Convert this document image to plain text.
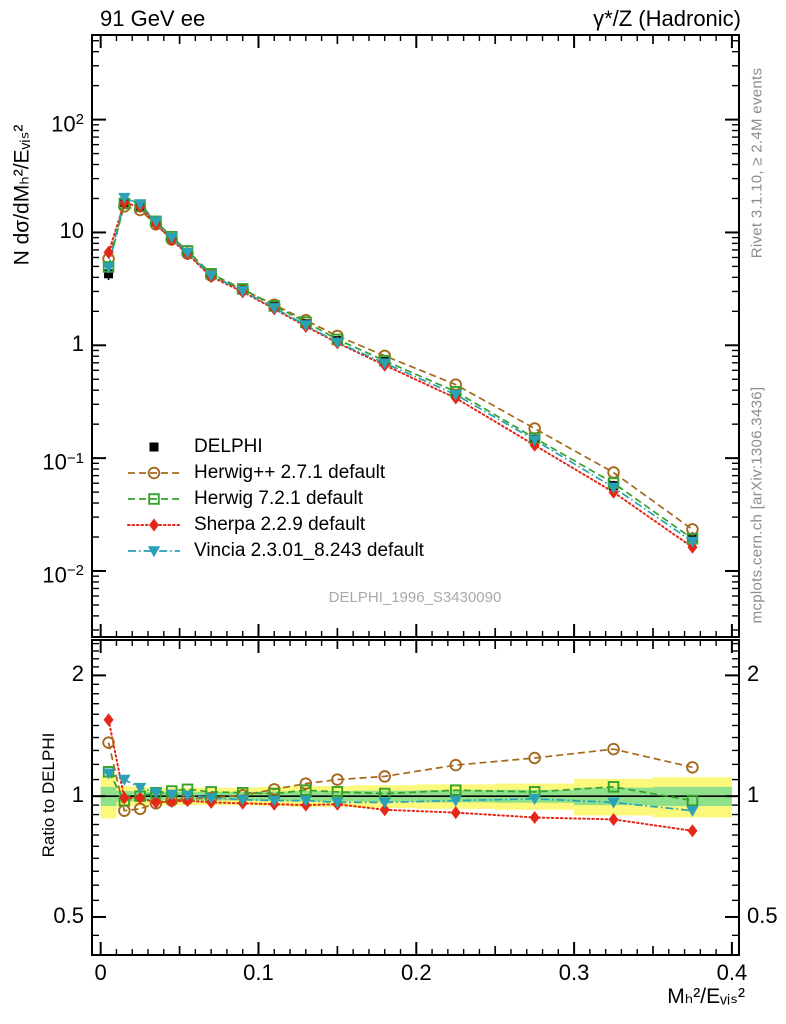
91 GeV ee	γ*/Z (Hadronic)
N dσ/dMₕ²/Eᵥᵢₛ²
Ratio to DELPHI
Mₕ²/Eᵥᵢₛ²
Rivet 3.1.10, ≥ 2.4M events
mcplots.cern.ch [arXiv:1306.3436]
DELPHI_1996_S3430090
$10^2$
10
1
$10^{-1}$
$10^{-2}$
2	2
1	1
0.5	0.5
0	0.1	0.2	0.3	0.4
DELPHI
Herwig++ 2.7.1 default
Herwig 7.2.1 default
Sherpa 2.2.9 default
Vincia 2.3.01_8.243 default
